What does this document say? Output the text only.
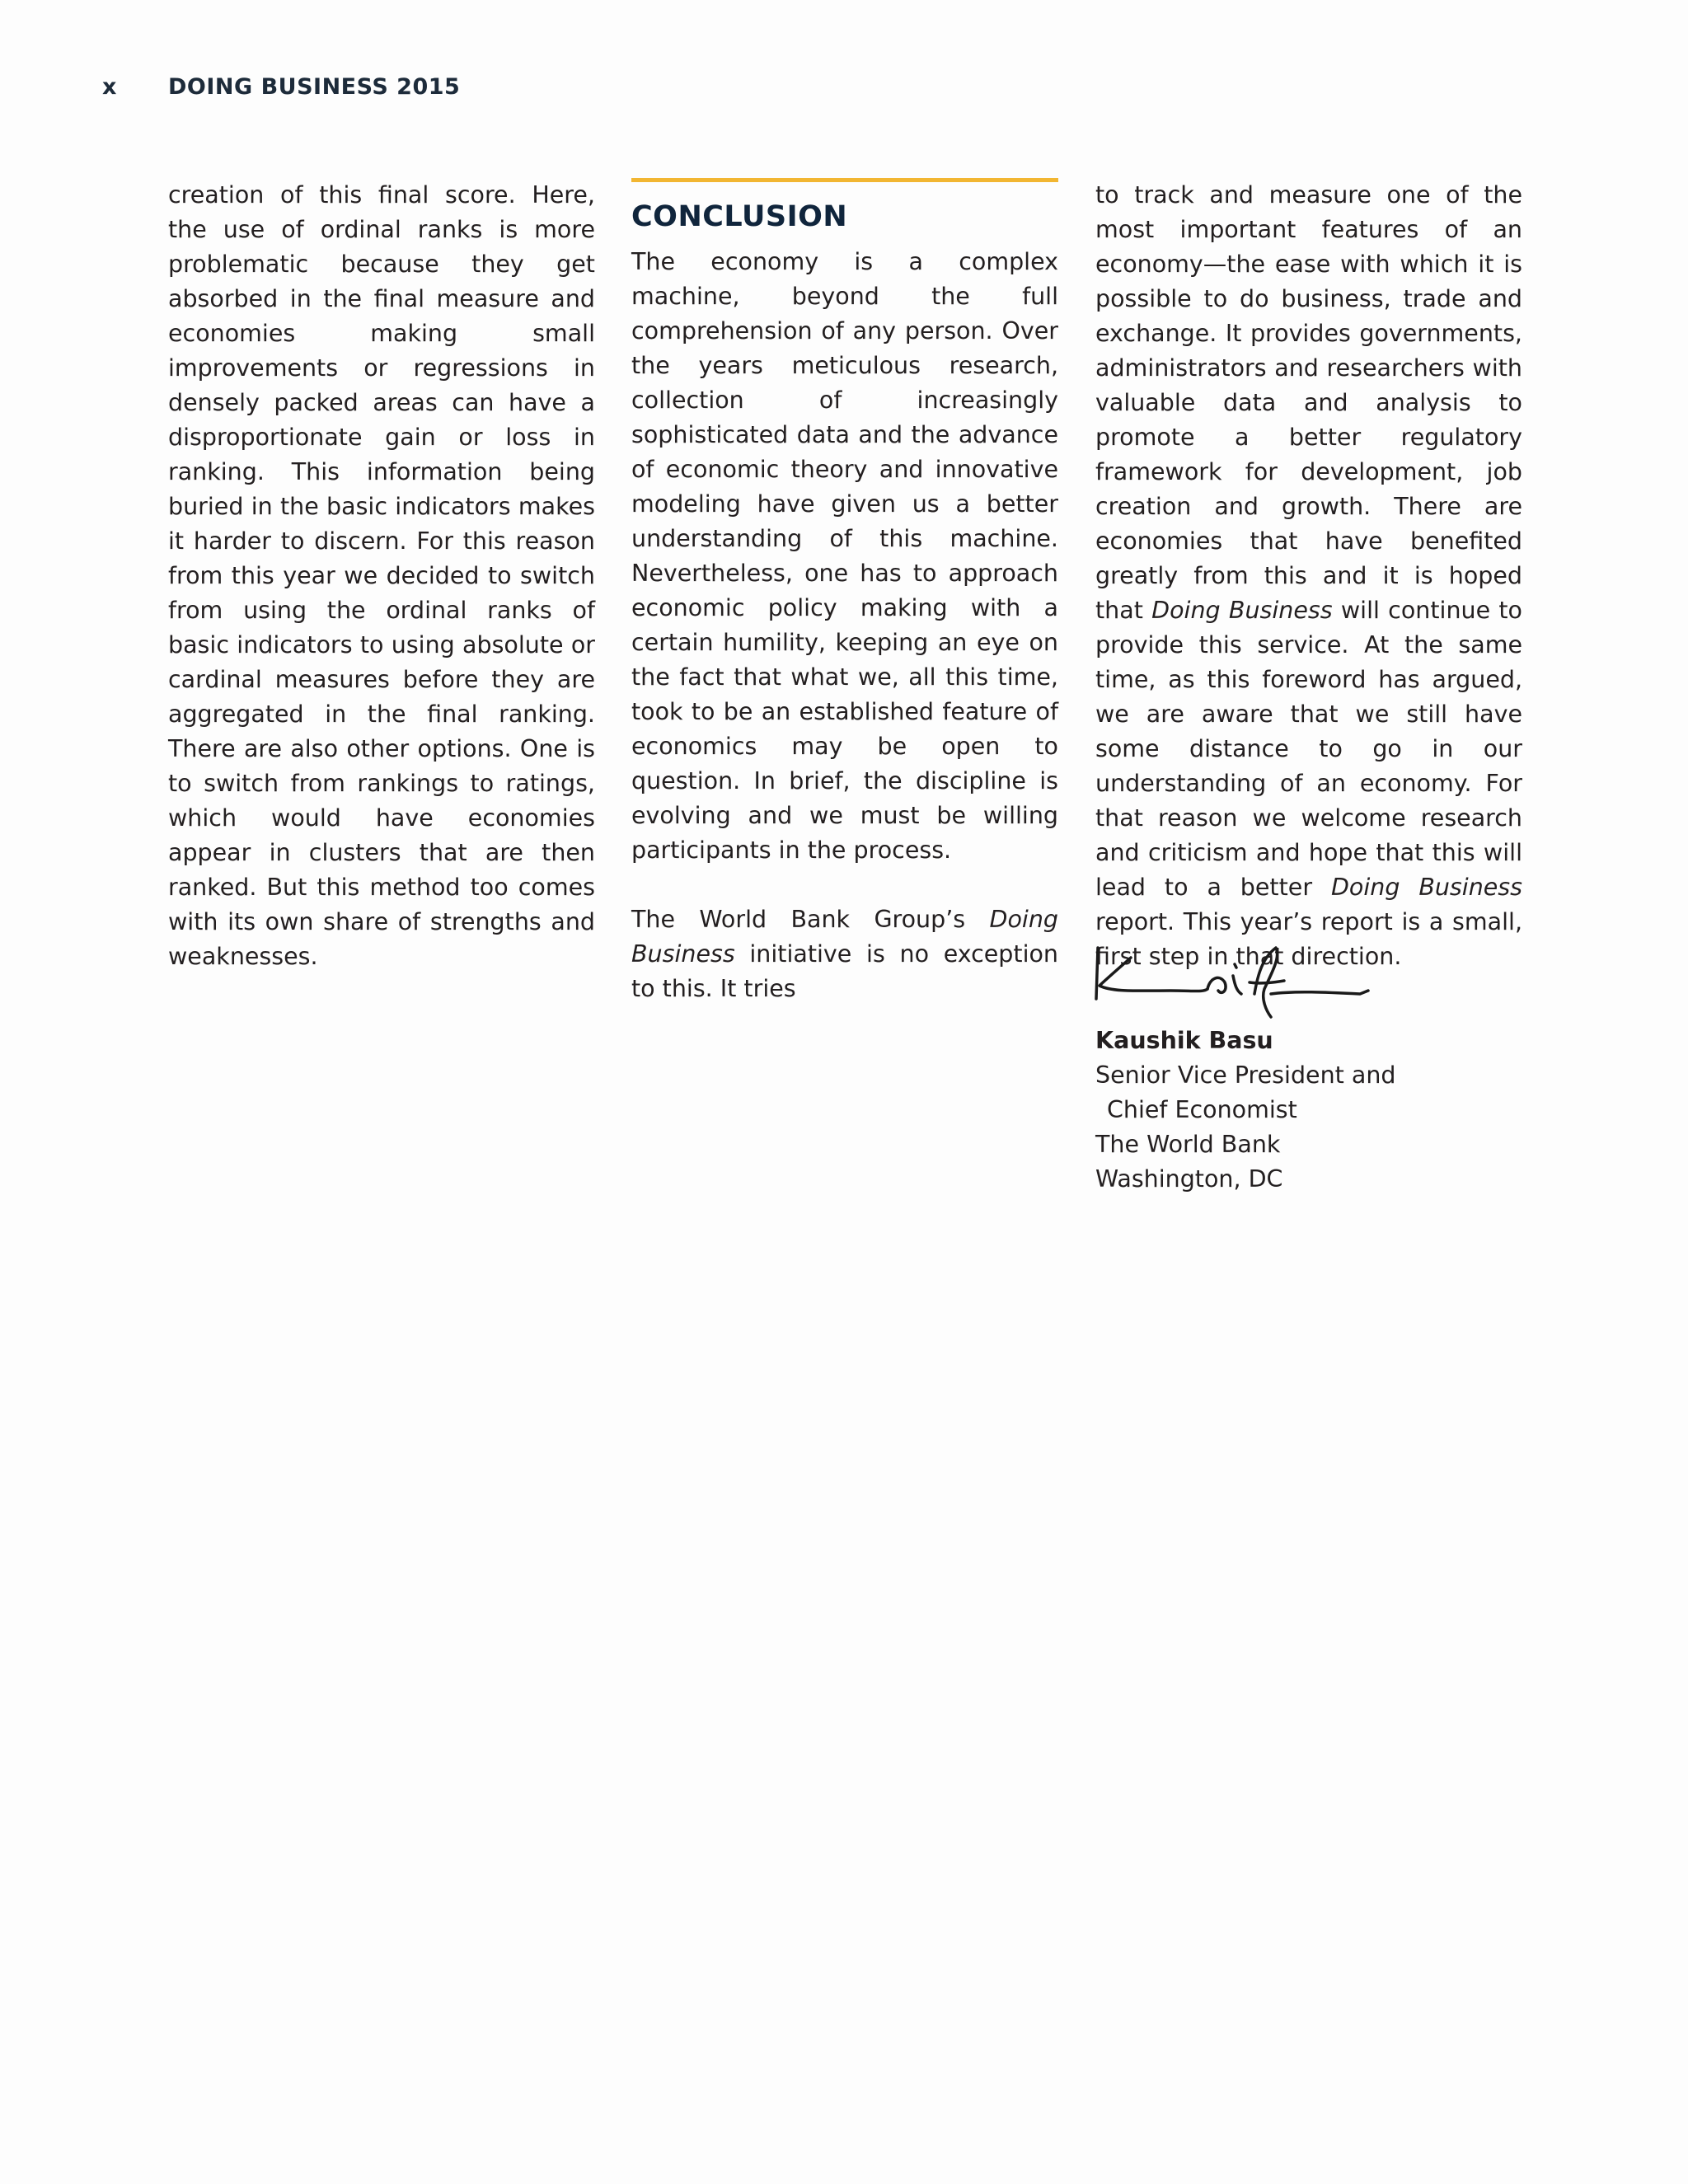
x DOING BUSINESS 2015

creation of this final score. Here, the use of ordinal ranks is more problematic because they get absorbed in the final measure and economies making small improvements or regressions in densely packed areas can have a disproportionate gain or loss in ranking. This information being buried in the basic indicators makes it harder to discern. For this reason from this year we decided to switch from using the ordinal ranks of basic indicators to using absolute or cardinal measures before they are aggregated in the final ranking. There are also other options. One is to switch from rankings to ratings, which would have economies appear in clusters that are then ranked. But this method too comes with its own share of strengths and weaknesses.

CONCLUSION

The economy is a complex machine, beyond the full comprehension of any person. Over the years meticulous research, collection of increasingly sophisticated data and the advance of economic theory and innovative modeling have given us a better understanding of this machine. Nevertheless, one has to approach economic policy making with a certain humility, keeping an eye on the fact that what we, all this time, took to be an established feature of economics may be open to question. In brief, the discipline is evolving and we must be willing participants in the process.

The World Bank Group’s Doing Business initiative is no exception to this. It tries

to track and measure one of the most important features of an economy—the ease with which it is possible to do business, trade and exchange. It provides governments, administrators and researchers with valuable data and analysis to promote a better regulatory framework for development, job creation and growth. There are economies that have benefited greatly from this and it is hoped that Doing Business will continue to provide this service. At the same time, as this foreword has argued, we are aware that we still have some distance to go in our understanding of an economy. For that reason we welcome research and criticism and hope that this will lead to a better Doing Business report. This year’s report is a small, first step in that direction.

Kaushik Basu
Senior Vice President and
Chief Economist
The World Bank
Washington, DC
